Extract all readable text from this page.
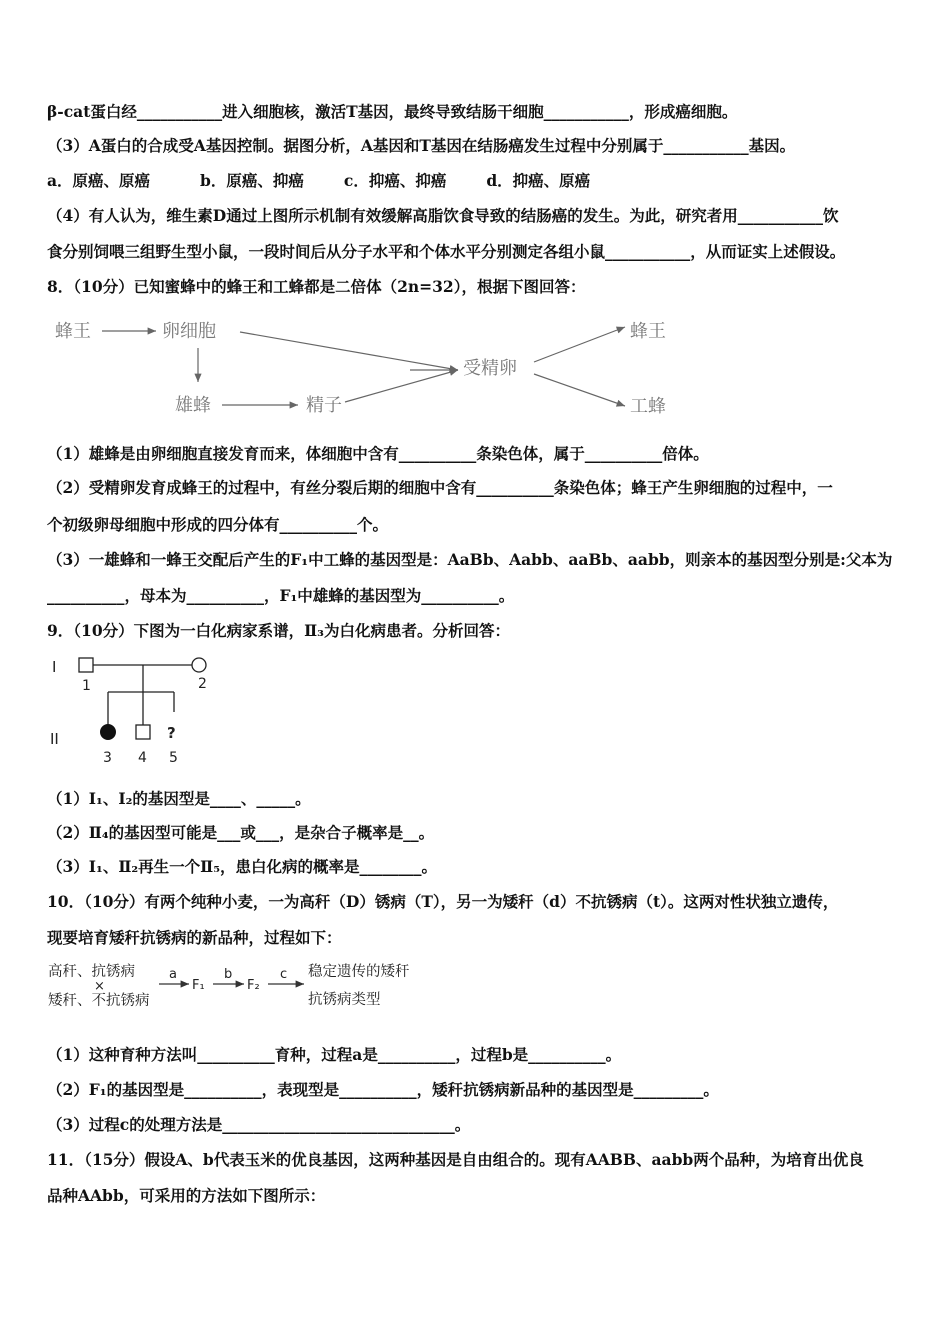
β-cat蛋白经___________进入细胞核，激活T基因，最终导致结肠干细胞___________，形成癌细胞。
（3）A蛋白的合成受A基因控制。据图分析，A基因和T基因在结肠癌发生过程中分别属于___________基因。
a．原癌、原癌	b．原癌、抑癌	c．抑癌、抑癌	d．抑癌、原癌
（4）有人认为，维生素D通过上图所示机制有效缓解高脂饮食导致的结肠癌的发生。为此，研究者用___________饮
食分别饲喂三组野生型小鼠，一段时间后从分子水平和个体水平分别测定各组小鼠___________，从而证实上述假设。
8．（10分）已知蜜蜂中的蜂王和工蜂都是二倍体（2n=32），根据下图回答：
蜂王	卵细胞
雄蜂	精子
受精卵
蜂王
工蜂
（1）雄蜂是由卵细胞直接发育而来，体细胞中含有__________条染色体，属于__________倍体。
（2）受精卵发育成蜂王的过程中，有丝分裂后期的细胞中含有__________条染色体；蜂王产生卵细胞的过程中，一
个初级卵母细胞中形成的四分体有__________个。
（3）一雄蜂和一蜂王交配后产生的F₁中工蜂的基因型是：AaBb、Aabb、aaBb、aabb，则亲本的基因型分别是:父本为
__________，母本为__________，F₁中雄蜂的基因型为__________。
9．（10分）下图为一白化病家系谱，Ⅱ₃为白化病患者。分析回答：
I
1	2
II	?
3 4 5
（1）Ⅰ₁、Ⅰ₂的基因型是____、_____。
（2）Ⅱ₄的基因型可能是___或___，是杂合子概率是__。
（3）Ⅰ₁、Ⅱ₂再生一个Ⅱ₅，患白化病的概率是________。
10．（10分）有两个纯种小麦，一为高秆（D）锈病（T），另一为矮秆（d）不抗锈病（t）。这两对性状独立遗传，
现要培育矮秆抗锈病的新品种，过程如下：
高秆、抗锈病
×
矮秆、不抗锈病
a
F₁
b
F₂
c 稳定遗传的矮秆
抗锈病类型
（1）这种育种方法叫__________育种，过程a是__________，过程b是__________。
（2）F₁的基因型是__________，表现型是__________，矮秆抗锈病新品种的基因型是_________。
（3）过程c的处理方法是______________________________。
11．（15分）假设A、b代表玉米的优良基因，这两种基因是自由组合的。现有AABB、aabb两个品种，为培育出优良
品种AAbb，可采用的方法如下图所示：
